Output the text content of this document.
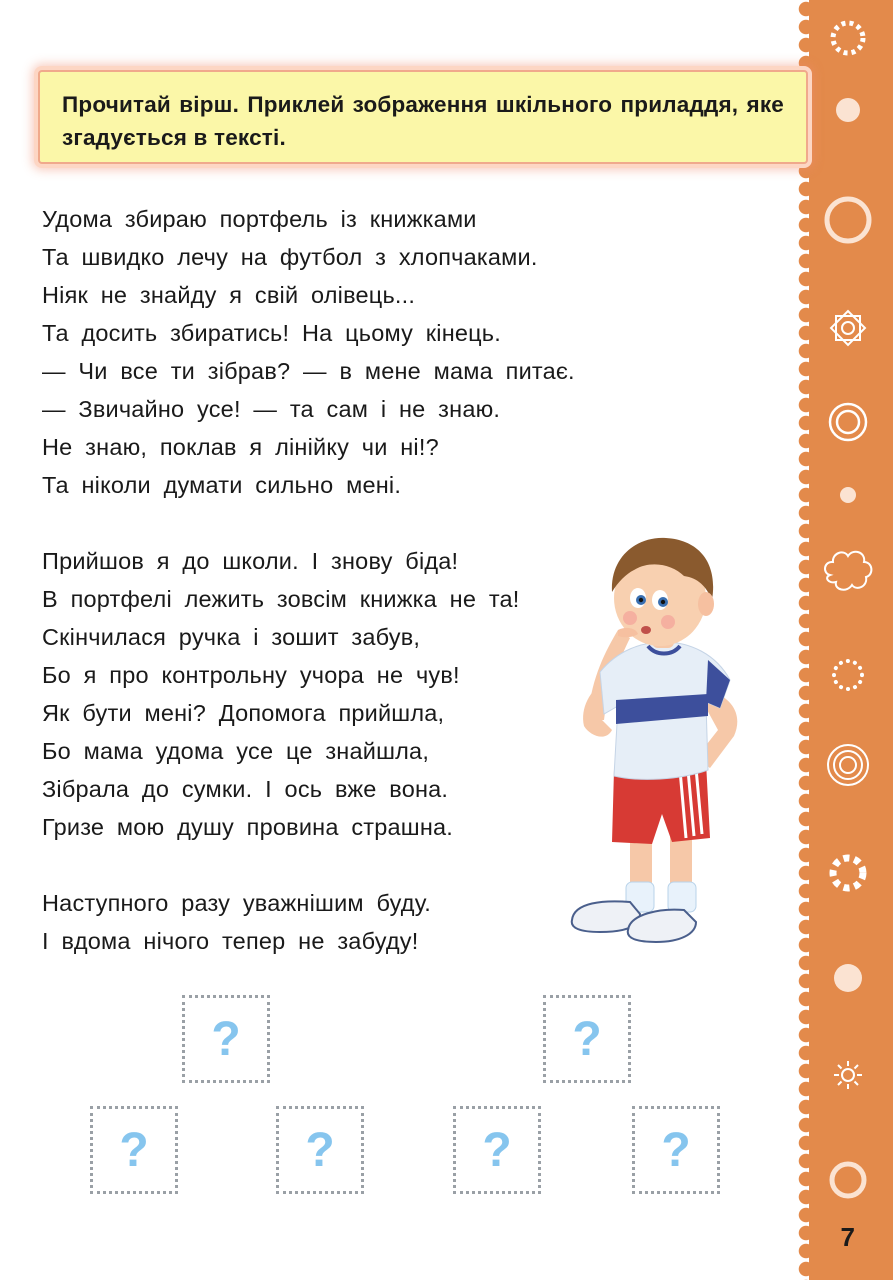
7

Прочитай вірш. Приклей зображення шкільного приладдя, яке згадується в тексті.

Удома збираю портфель із книжками
Та швидко лечу на футбол з хлопчаками.
Ніяк не знайду я свій олівець...
Та досить збиратись! На цьому кінець.
— Чи все ти зібрав? — в мене мама питає.
— Звичайно усе! — та сам і не знаю.
Не знаю, поклав я лінійку чи ні!?
Та ніколи думати сильно мені.
Прийшов я до школи. І знову біда!
В портфелі лежить зовсім книжка не та!
Скінчилася ручка і зошит забув,
Бо я про контрольну учора не чув!
Як бути мені? Допомога прийшла,
Бо мама удома усе це знайшла,
Зібрала до сумки. І ось вже вона.
Гризе мою душу провина страшна.
Наступного разу уважнішим буду.
І вдома нічого тепер не забуду!
?	?
?	?	?	?
